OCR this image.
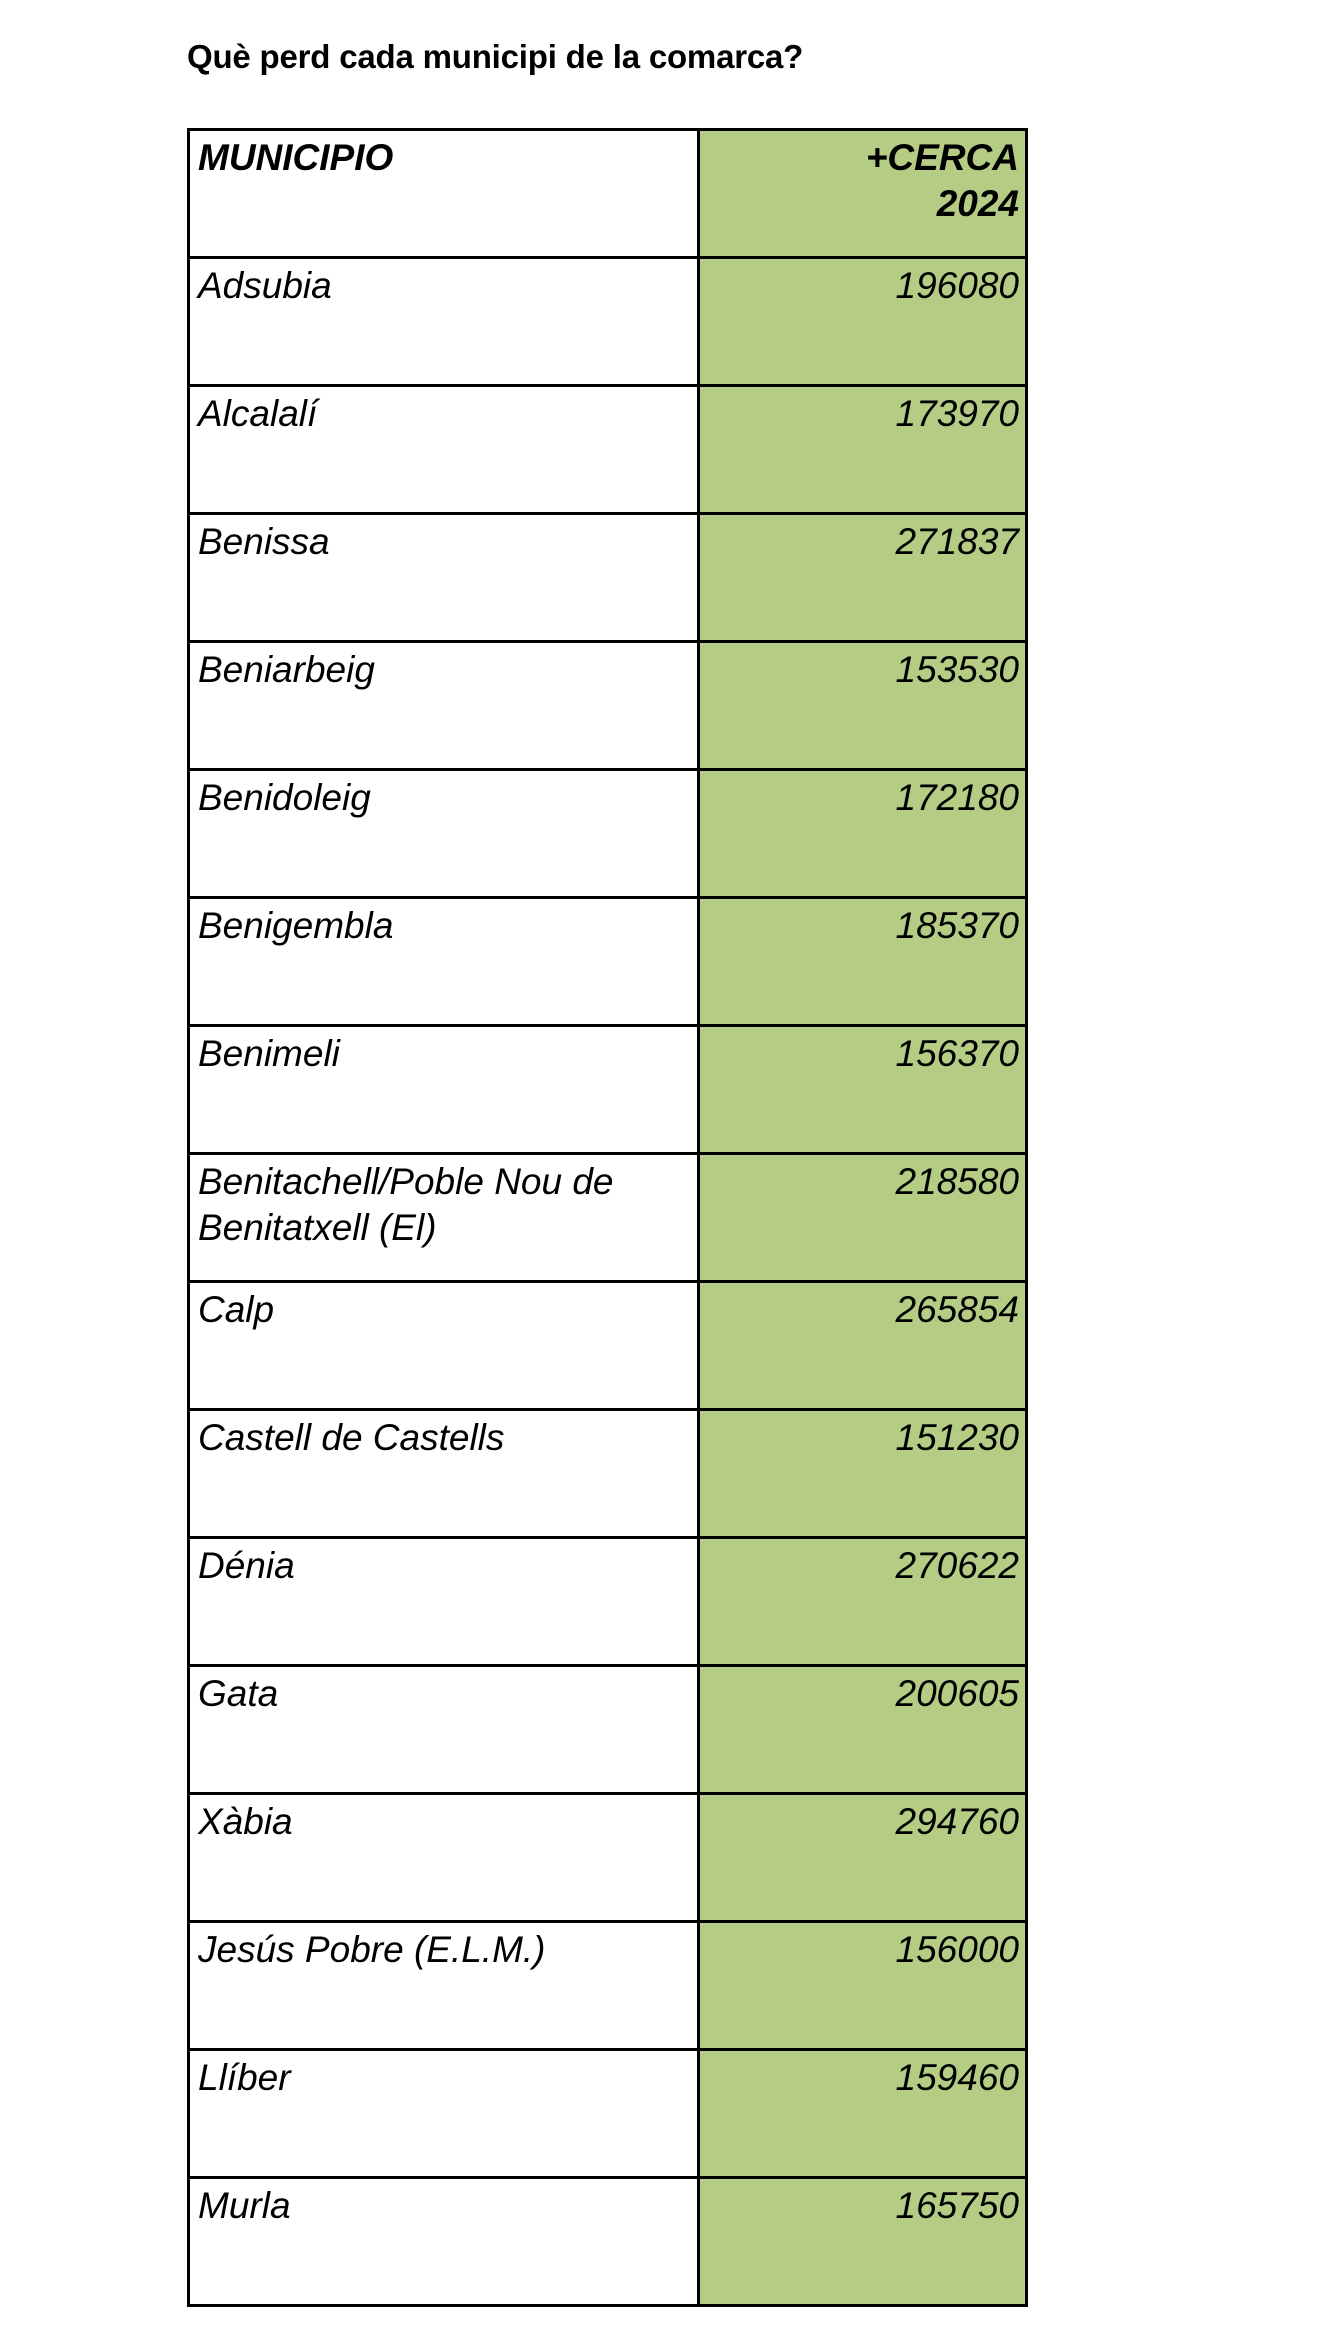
Què perd cada municipi de la comarca?
MUNICIPIO	+CERCA
2024

Adsubia	196080

Alcalalí	173970

Benissa	271837

Beniarbeig	153530

Benidoleig	172180

Benigembla	185370

Benimeli	156370

Benitachell/Poble Nou de Benitatxell (El)	218580

Calp	265854

Castell de Castells	151230

Dénia	270622

Gata	200605

Xàbia	294760

Jesús Pobre (E.L.M.)	156000

Llíber	159460

Murla	165750
